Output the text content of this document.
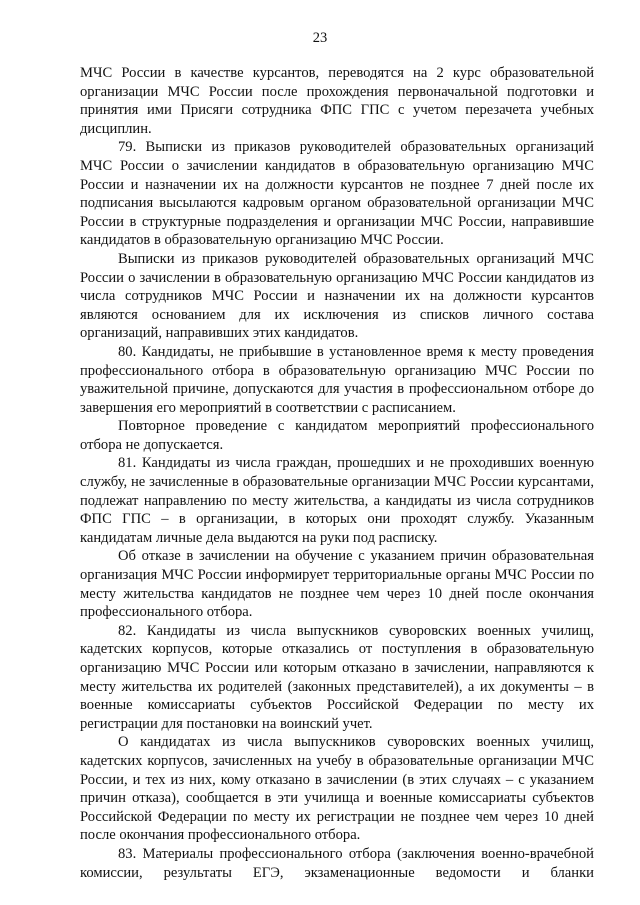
23

МЧС России в качестве курсантов, переводятся на 2 курс образовательной организации МЧС России после прохождения первоначальной подготовки и принятия ими Присяги сотрудника ФПС ГПС с учетом перезачета учебных дисциплин.

79. Выписки из приказов руководителей образовательных организаций МЧС России о зачислении кандидатов в образовательную организацию МЧС России и назначении их на должности курсантов не позднее 7 дней после их подписания высылаются кадровым органом образовательной организации МЧС России в структурные подразделения и организации МЧС России, направившие кандидатов в образовательную организацию МЧС России.

Выписки из приказов руководителей образовательных организаций МЧС России о зачислении в образовательную организацию МЧС России кандидатов из числа сотрудников МЧС России и назначении их на должности курсантов являются основанием для их исключения из списков личного состава организаций, направивших этих кандидатов.

80. Кандидаты, не прибывшие в установленное время к месту проведения профессионального отбора в образовательную организацию МЧС России по уважительной причине, допускаются для участия в профессиональном отборе до завершения его мероприятий в соответствии с расписанием.

Повторное проведение с кандидатом мероприятий профессионального отбора не допускается.

81. Кандидаты из числа граждан, прошедших и не проходивших военную службу, не зачисленные в образовательные организации МЧС России курсантами, подлежат направлению по месту жительства, а кандидаты из числа сотрудников ФПС ГПС – в организации, в которых они проходят службу. Указанным кандидатам личные дела выдаются на руки под расписку.

Об отказе в зачислении на обучение с указанием причин образовательная организация МЧС России информирует территориальные органы МЧС России по месту жительства кандидатов не позднее чем через 10 дней после окончания профессионального отбора.

82. Кандидаты из числа выпускников суворовских военных училищ, кадетских корпусов, которые отказались от поступления в образовательную организацию МЧС России или которым отказано в зачислении, направляются к месту жительства их родителей (законных представителей), а их документы – в военные комиссариаты субъектов Российской Федерации по месту их регистрации для постановки на воинский учет.

О кандидатах из числа выпускников суворовских военных училищ, кадетских корпусов, зачисленных на учебу в образовательные организации МЧС России, и тех из них, кому отказано в зачислении (в этих случаях – с указанием причин отказа), сообщается в эти училища и военные комиссариаты субъектов Российской Федерации по месту их регистрации не позднее чем через 10 дней после окончания профессионального отбора.

83. Материалы профессионального отбора (заключения военно-врачебной комиссии, результаты ЕГЭ, экзаменационные ведомости и бланки
